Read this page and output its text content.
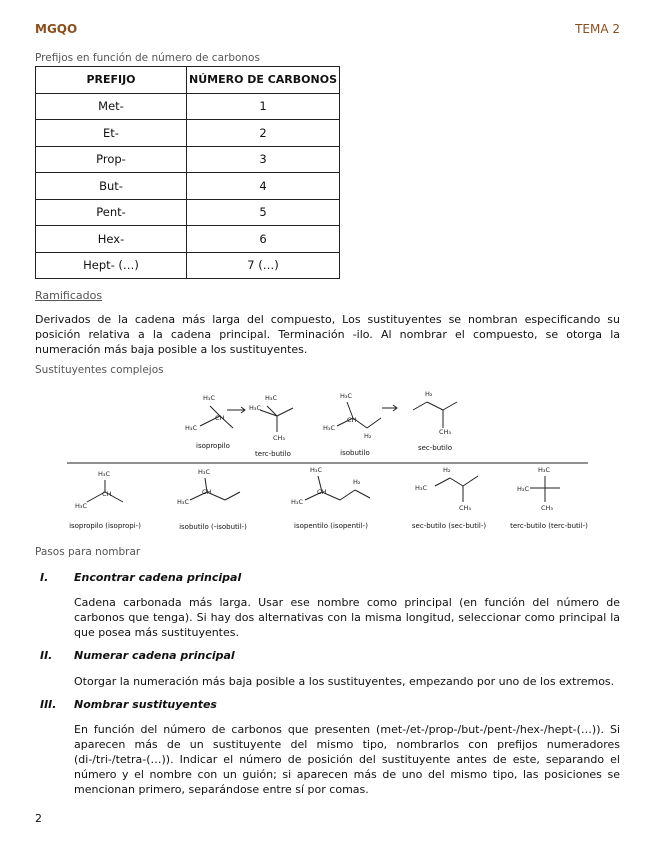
MGQO	TEMA 2
Prefijos en función de número de carbonos
PREFIJO	NÚMERO DE CARBONOS
Met-	1
Et-	2
Prop-	3
But-	4
Pent-	5
Hex-	6
Hept- (…)	7 (…)
Ramificados
Derivados de la cadena más larga del compuesto, Los sustituyentes se nombran especificando su posición relativa a la cadena principal. Terminación -ilo. Al nombrar el compuesto, se otorga la numeración más baja posible a los sustituyentes.
Sustituyentes complejos
H₃C
CH
H₃C
H₃C
H₃C
CH₃
H₃C
H₃C
CH
H₂
H₂
CH₃
H₃C
CH
H₃C
H₃C
CH
H₃C
H₃C
CH
H₃C
H₂
H₂
H₃C
CH₃
H₃C
H₃C
CH₃
isopropilo
terc-butilo	isobutilo
sec-butilo
isopropilo (isopropi-)	isobutilo (-isobutil-)	isopentilo (isopentil-)	sec-butilo (sec-butil-)	terc-butilo (terc-butil-)
Pasos para nombrar
I. Encontrar cadena principal
Cadena carbonada más larga. Usar ese nombre como principal (en función del número de carbonos que tenga). Si hay dos alternativas con la misma longitud, seleccionar como principal la que posea más sustituyentes.
II. Numerar cadena principal
Otorgar la numeración más baja posible a los sustituyentes, empezando por uno de los extremos.
III. Nombrar sustituyentes
En función del número de carbonos que presenten (met-/et-/prop-/but-/pent-/hex-/hept-(…)). Si aparecen más de un sustituyente del mismo tipo, nombrarlos con prefijos numeradores (di-/tri-/tetra-(…)). Indicar el número de posición del sustituyente antes de este, separando el número y el nombre con un guión; si aparecen más de uno del mismo tipo, las posiciones se mencionan primero, separándose entre sí por comas.
2
